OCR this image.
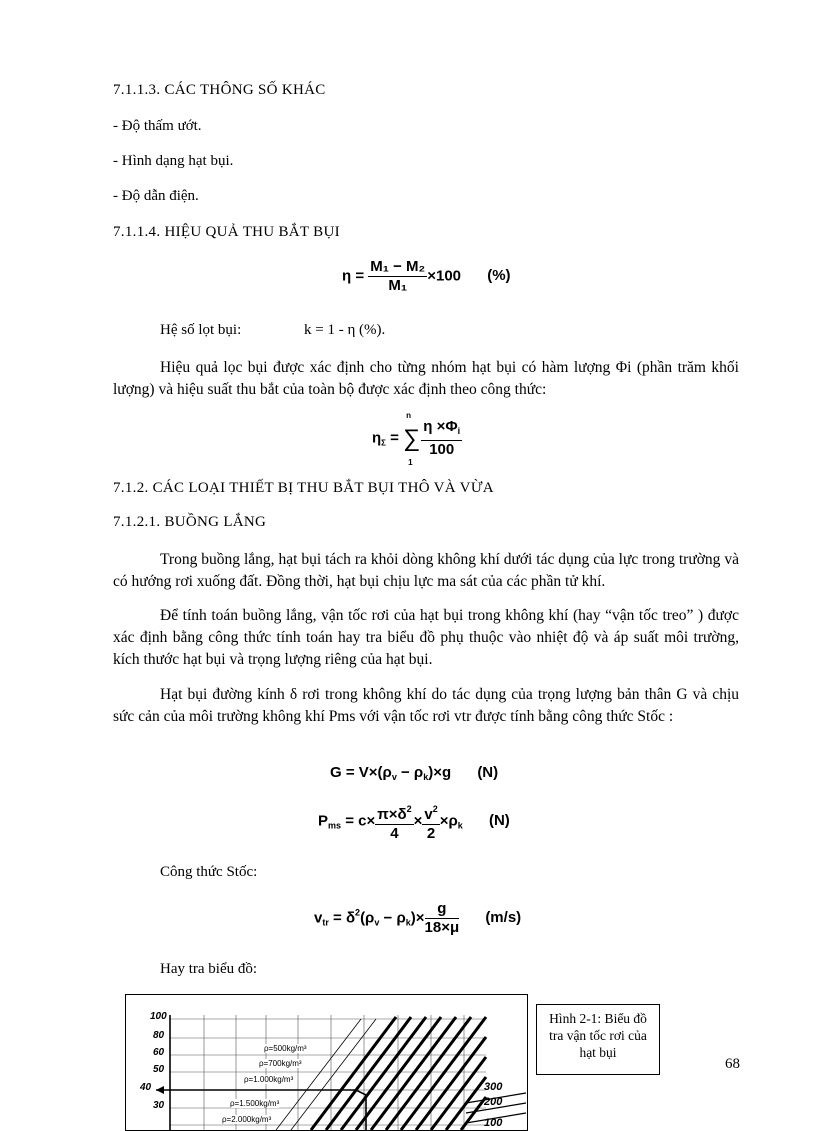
7.1.1.3. CÁC THÔNG SỐ KHÁC
- Độ thấm ướt.
- Hình dạng hạt bụi.
- Độ dẫn điện.
7.1.1.4. HIỆU QUẢ THU BẮT BỤI
$\eta = \frac{\text{M₁ − M₂}}{\text{M₁}} \times 100$ (%)
Hệ số lọt bụi:	k = 1 - η (%).
Hiệu quả lọc bụi được xác định cho từng nhóm hạt bụi có hàm lượng Φi (phần trăm khối lượng) và hiệu suất thu bắt của toàn bộ được xác định theo công thức:
$\eta_\Sigma$ =
n
∑
1

$\frac{\eta \times\Phi_i}{100}$
7.1.2. CÁC LOẠI THIẾT BỊ THU BẮT BỤI THÔ VÀ VỪA
7.1.2.1. BUỒNG LẮNG
Trong buồng lắng, hạt bụi tách ra khỏi dòng không khí dưới tác dụng của lực trong trường và có hướng rơi xuống đất. Đồng thời, hạt bụi chịu lực ma sát của các phần tử khí.
Để tính toán buồng lắng, vận tốc rơi của hạt bụi trong không khí (hay “vận tốc treo” ) được xác định bằng công thức tính toán hay tra biểu đồ phụ thuộc vào nhiệt độ và áp suất môi trường, kích thước hạt bụi và trọng lượng riêng của hạt bụi.
Hạt bụi đường kính δ rơi trong không khí do tác dụng của trọng lượng bản thân G và chịu sức cản của môi trường không khí Pms với vận tốc rơi vtr được tính bằng công thức Stốc :
$G = V\times(\rho_v - \rho_k)\times g$ (N)
$P_{ms} = c\times \frac{\pi\times\delta^2}{4} \times \frac{v^2}{2} \times\rho_k$ (N)
Công thức Stốc:
$v_{tr} = \delta^2(\rho_v - \rho_k)\times \frac{g}{18\times\mu} (m/s)$
Hay tra biểu đồ:
100
80
60
50
40
30
300
200
100
ρ=500kg/m³
ρ=700kg/m³
ρ=1.000kg/m³
ρ=1.500kg/m³
ρ=2.000kg/m³
Hình 2-1: Biểu đồ tra vận tốc rơi của hạt bụi
68
